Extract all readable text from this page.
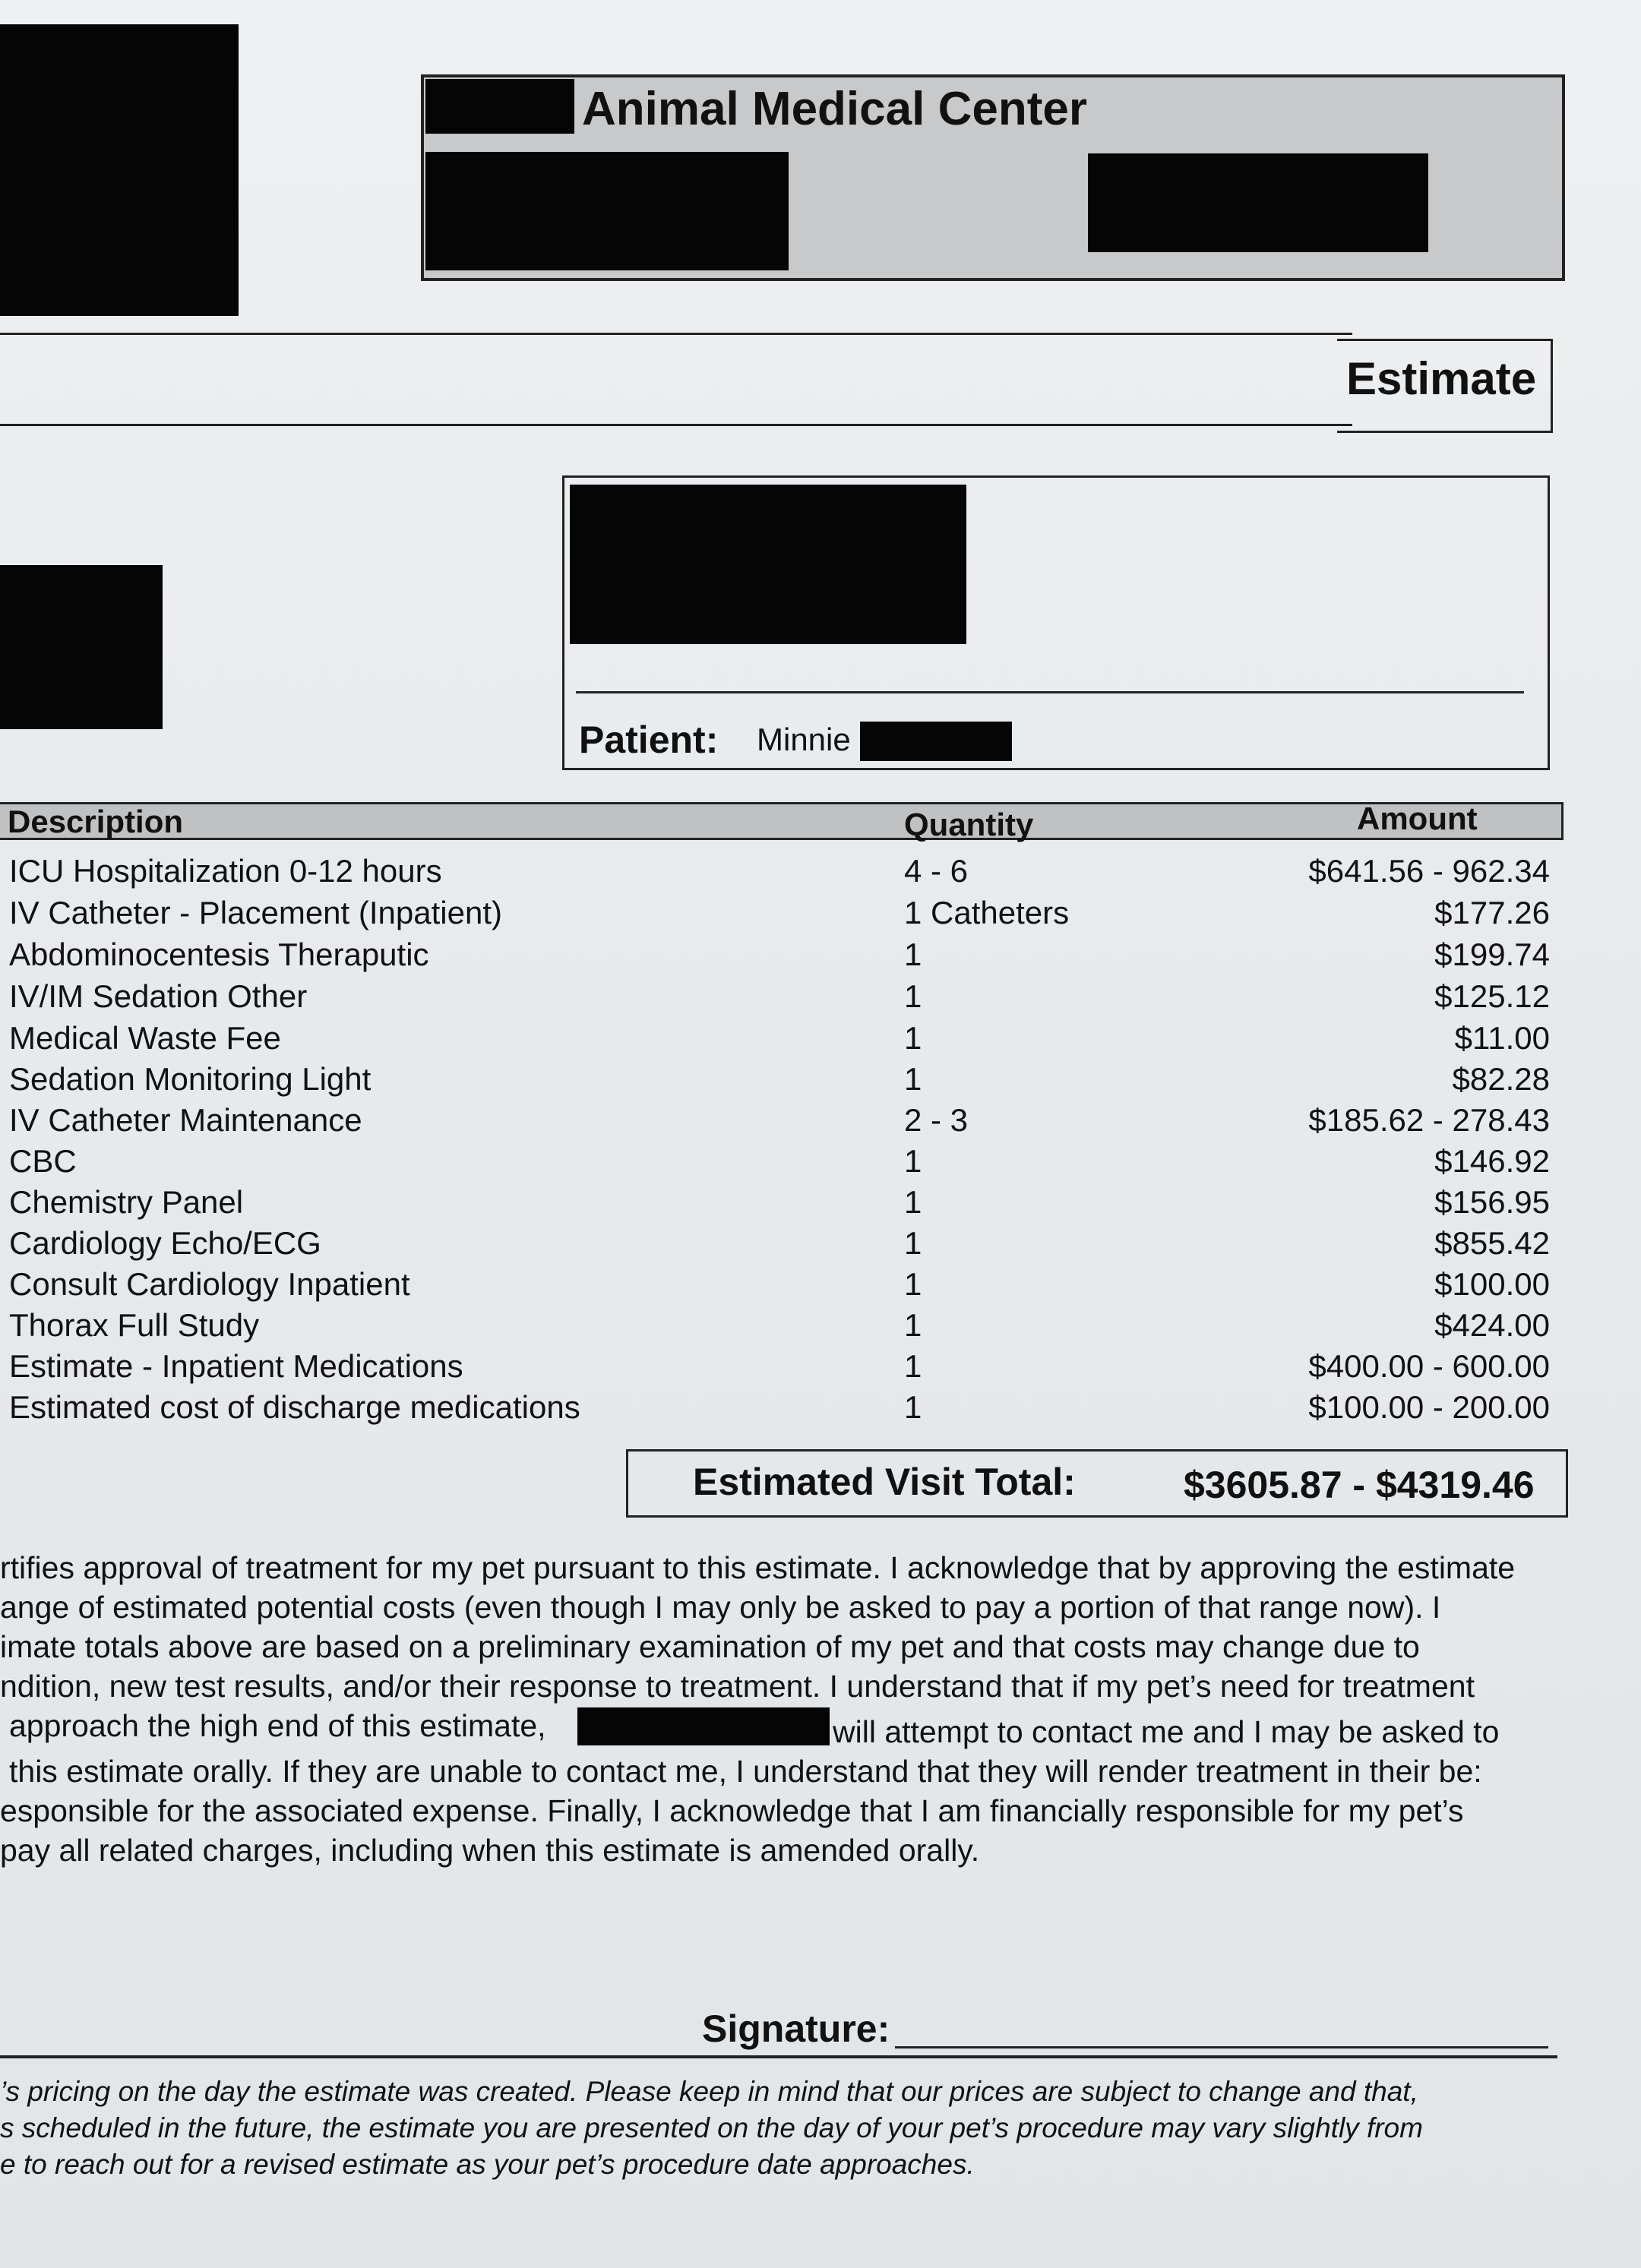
Animal Medical Center
Estimate
Patient: Minnie
Description	Quantity	Amount
ICU Hospitalization 0-12 hours	4 - 6	$641.56 - 962.34
IV Catheter - Placement (Inpatient)	1 Catheters	$177.26
Abdominocentesis Theraputic	1	$199.74
IV/IM Sedation Other	1	$125.12
Medical Waste Fee	1	$11.00
Sedation Monitoring Light	1	$82.28
IV Catheter Maintenance	2 - 3	$185.62 - 278.43
CBC	1	$146.92
Chemistry Panel	1	$156.95
Cardiology Echo/ECG	1	$855.42
Consult Cardiology Inpatient	1	$100.00
Thorax Full Study	1	$424.00
Estimate - Inpatient Medications	1	$400.00 - 600.00
Estimated cost of discharge medications	1	$100.00 - 200.00
Estimated Visit Total:	$3605.87 - $4319.46
rtifies approval of treatment for my pet pursuant to this estimate. I acknowledge that by approving the estimate
ange of estimated potential costs (even though I may only be asked to pay a portion of that range now). I
imate totals above are based on a preliminary examination of my pet and that costs may change due to
ndition, new test results, and/or their response to treatment. I understand that if my pet’s need for treatment
approach the high end of this estimate,	will attempt to contact me and I may be asked to
this estimate orally. If they are unable to contact me, I understand that they will render treatment in their be:
esponsible for the associated expense. Finally, I acknowledge that I am financially responsible for my pet’s
pay all related charges, including when this estimate is amended orally.
Signature:
’s pricing on the day the estimate was created. Please keep in mind that our prices are subject to change and that,
s scheduled in the future, the estimate you are presented on the day of your pet’s procedure may vary slightly from
e to reach out for a revised estimate as your pet’s procedure date approaches.
